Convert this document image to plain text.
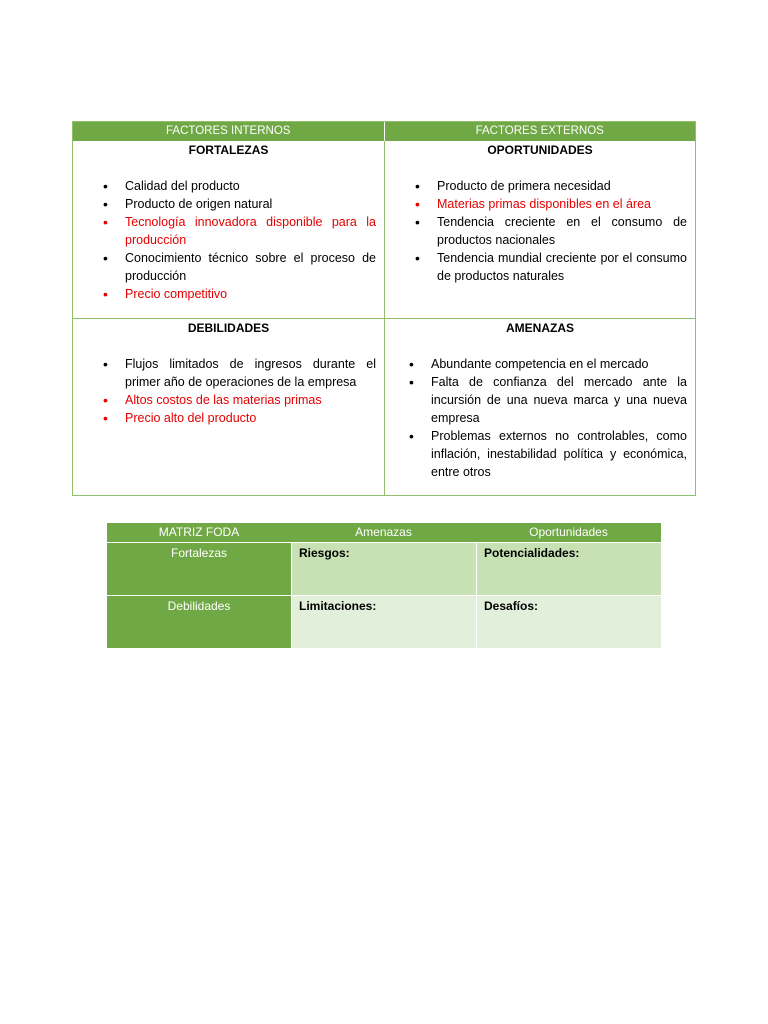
FACTORES INTERNOS	FACTORES EXTERNOS
FORTALEZAS
• Calidad del producto
• Producto de origen natural
• Tecnología innovadora disponible para la producción
• Conocimiento técnico sobre el proceso de producción
• Precio competitivo
OPORTUNIDADES
• Producto de primera necesidad
• Materias primas disponibles en el área
• Tendencia creciente en el consumo de productos nacionales
• Tendencia mundial creciente por el consumo de productos naturales
DEBILIDADES
• Flujos limitados de ingresos durante el primer año de operaciones de la empresa
• Altos costos de las materias primas
• Precio alto del producto
AMENAZAS
• Abundante competencia en el mercado
• Falta de confianza del mercado ante la incursión de una nueva marca y una nueva empresa
• Problemas externos no controlables, como inflación, inestabilidad política y económica, entre otros
MATRIZ FODA	Amenazas	Oportunidades
Fortalezas	Riesgos:	Potencialidades:
Debilidades	Limitaciones:	Desafíos:
